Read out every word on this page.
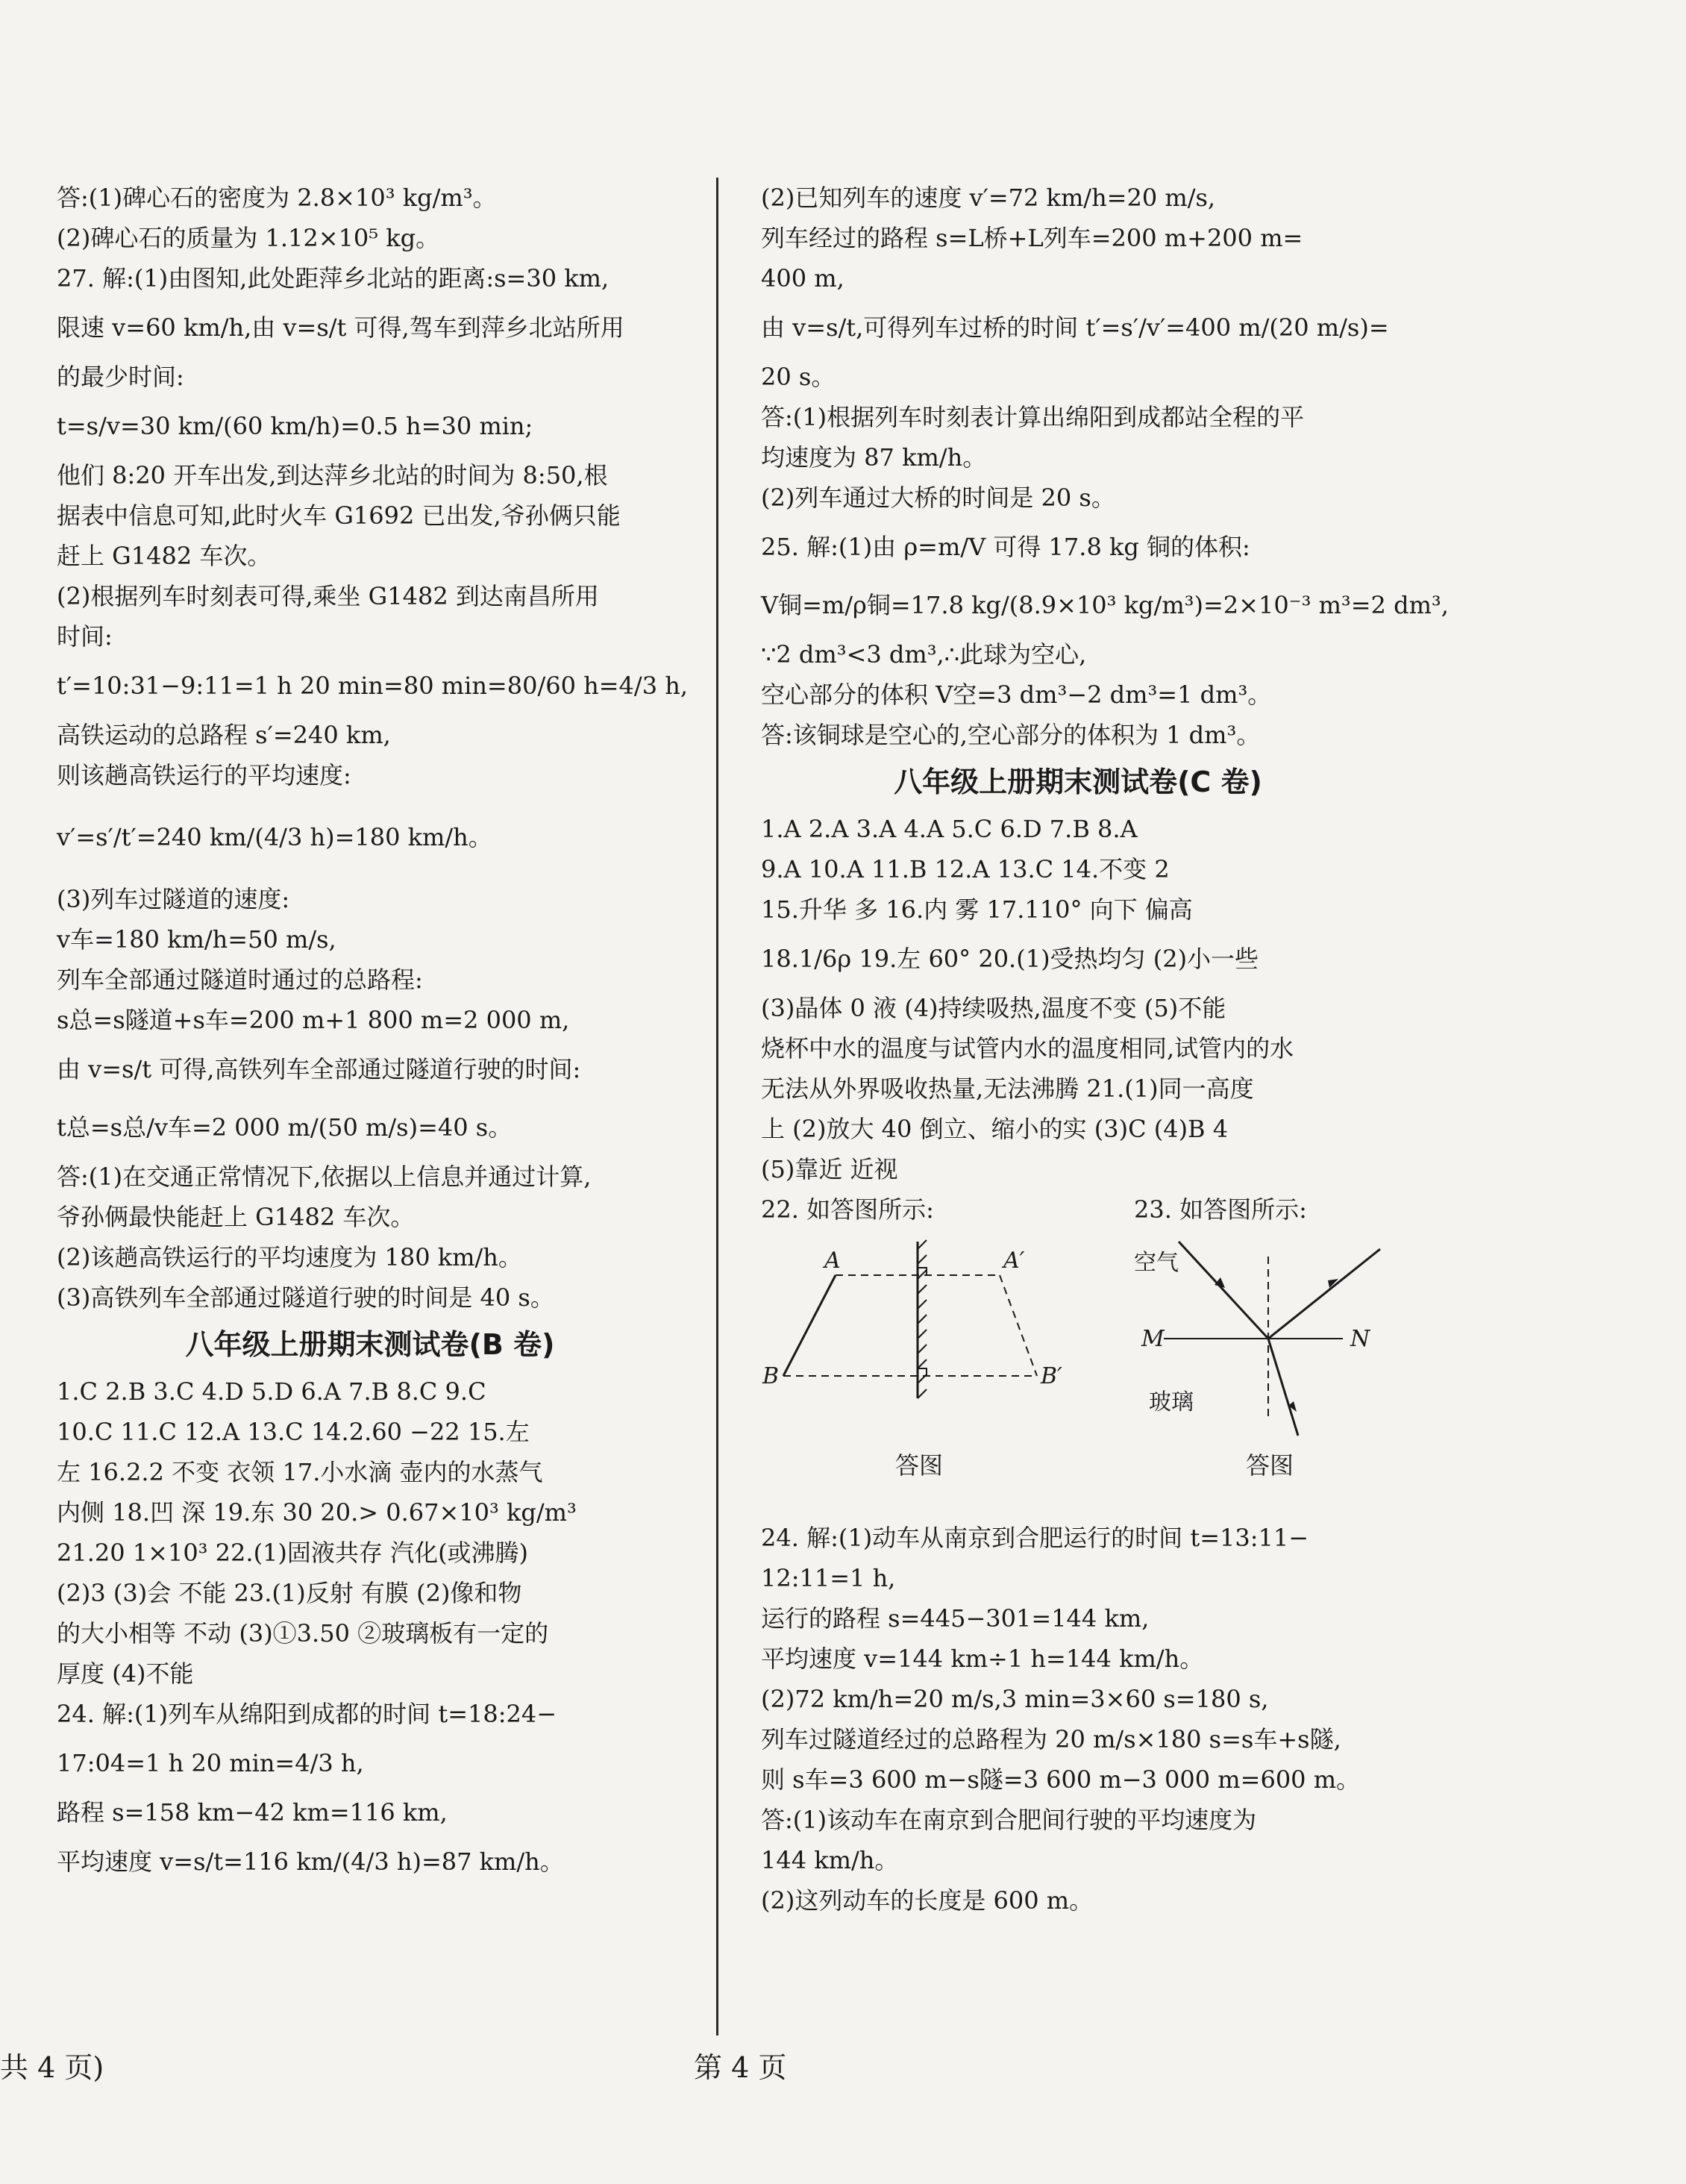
答:(1)碑心石的密度为 2.8×10³ kg/m³。
(2)碑心石的质量为 1.12×10⁵ kg。
27. 解:(1)由图知,此处距萍乡北站的距离:s=30 km,
限速 v=60 km/h,由 v=s/t 可得,驾车到萍乡北站所用
的最少时间:
t=s/v=30 km/(60 km/h)=0.5 h=30 min;
他们 8:20 开车出发,到达萍乡北站的时间为 8:50,根
据表中信息可知,此时火车 G1692 已出发,爷孙俩只能
赶上 G1482 车次。
(2)根据列车时刻表可得,乘坐 G1482 到达南昌所用
时间:
t′=10:31−9:11=1 h 20 min=80 min=80/60 h=4/3 h,
高铁运动的总路程 s′=240 km,
则该趟高铁运行的平均速度:
v′=s′/t′=240 km/(4/3 h)=180 km/h。
(3)列车过隧道的速度:
v车=180 km/h=50 m/s,
列车全部通过隧道时通过的总路程:
s总=s隧道+s车=200 m+1 800 m=2 000 m,
由 v=s/t 可得,高铁列车全部通过隧道行驶的时间:
t总=s总/v车=2 000 m/(50 m/s)=40 s。
答:(1)在交通正常情况下,依据以上信息并通过计算,
爷孙俩最快能赶上 G1482 车次。
(2)该趟高铁运行的平均速度为 180 km/h。
(3)高铁列车全部通过隧道行驶的时间是 40 s。
八年级上册期末测试卷(B 卷)
1.C 2.B 3.C 4.D 5.D 6.A 7.B 8.C 9.C
10.C 11.C 12.A 13.C 14.2.60 −22 15.左
左 16.2.2 不变 衣领 17.小水滴 壶内的水蒸气
内侧 18.凹 深 19.东 30 20.> 0.67×10³ kg/m³
21.20 1×10³ 22.(1)固液共存 汽化(或沸腾)
(2)3 (3)会 不能 23.(1)反射 有膜 (2)像和物
的大小相等 不动 (3)①3.50 ②玻璃板有一定的
厚度 (4)不能
24. 解:(1)列车从绵阳到成都的时间 t=18:24−
17:04=1 h 20 min=4/3 h,
路程 s=158 km−42 km=116 km,
平均速度 v=s/t=116 km/(4/3 h)=87 km/h。
(2)已知列车的速度 v′=72 km/h=20 m/s,
列车经过的路程 s=L桥+L列车=200 m+200 m=
400 m,
由 v=s/t,可得列车过桥的时间 t′=s′/v′=400 m/(20 m/s)=
20 s。
答:(1)根据列车时刻表计算出绵阳到成都站全程的平
均速度为 87 km/h。
(2)列车通过大桥的时间是 20 s。
25. 解:(1)由 ρ=m/V 可得 17.8 kg 铜的体积:
V铜=m/ρ铜=17.8 kg/(8.9×10³ kg/m³)=2×10⁻³ m³=2 dm³,
∵2 dm³<3 dm³,∴此球为空心,
空心部分的体积 V空=3 dm³−2 dm³=1 dm³。
答:该铜球是空心的,空心部分的体积为 1 dm³。
八年级上册期末测试卷(C 卷)
1.A 2.A 3.A 4.A 5.C 6.D 7.B 8.A
9.A 10.A 11.B 12.A 13.C 14.不变 2
15.升华 多 16.内 雾 17.110° 向下 偏高
18.1/6ρ 19.左 60° 20.(1)受热均匀 (2)小一些
(3)晶体 0 液 (4)持续吸热,温度不变 (5)不能
烧杯中水的温度与试管内水的温度相同,试管内的水
无法从外界吸收热量,无法沸腾 21.(1)同一高度
上 (2)放大 40 倒立、缩小的实 (3)C (4)B 4
(5)靠近 近视
22. 如答图所示:	23. 如答图所示:
A	A′
B	B′
答图
空气
M	N
玻璃
答图
24. 解:(1)动车从南京到合肥运行的时间 t=13:11−
12:11=1 h,
运行的路程 s=445−301=144 km,
平均速度 v=144 km÷1 h=144 km/h。
(2)72 km/h=20 m/s,3 min=3×60 s=180 s,
列车过隧道经过的总路程为 20 m/s×180 s=s车+s隧,
则 s车=3 600 m−s隧=3 600 m−3 000 m=600 m。
答:(1)该动车在南京到合肥间行驶的平均速度为
144 km/h。
(2)这列动车的长度是 600 m。
共 4 页)	第 4 页
